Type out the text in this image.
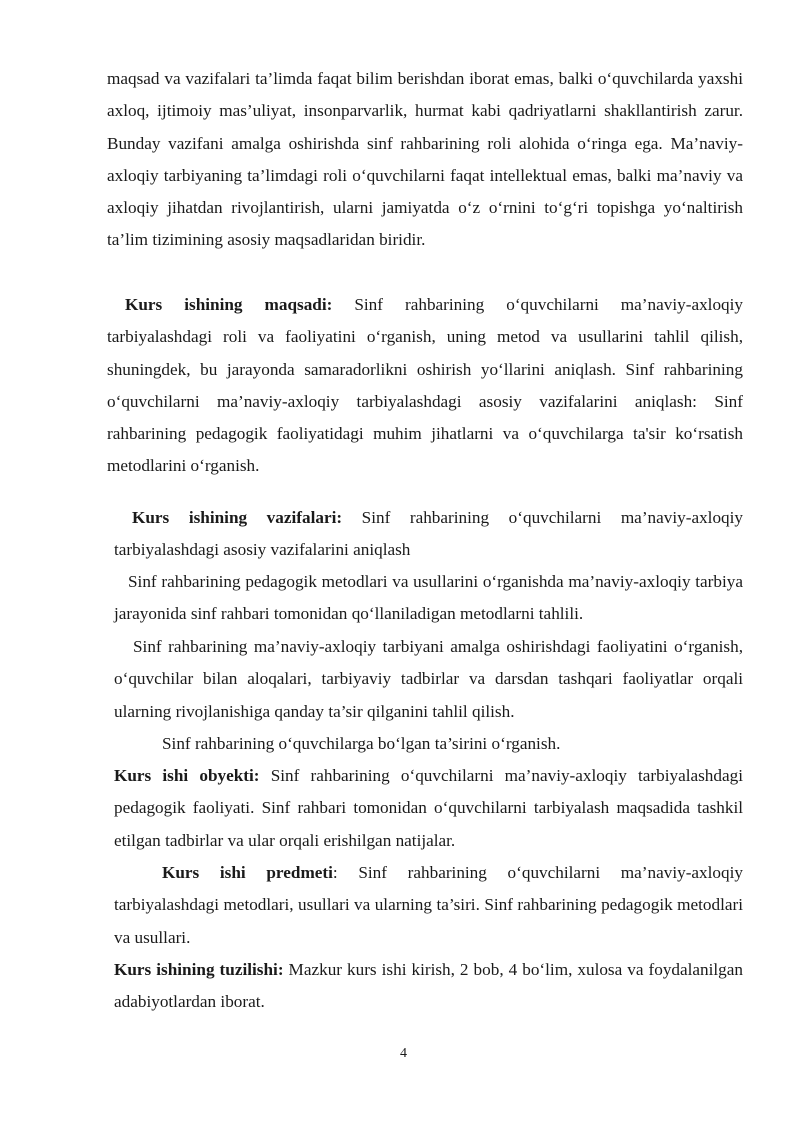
maqsad va vazifalari ta’limda faqat bilim berishdan iborat emas, balki o‘quvchilarda yaxshi axloq, ijtimoiy mas’uliyat, insonparvarlik, hurmat kabi qadriyatlarni shakllantirish zarur. Bunday vazifani amalga oshirishda sinf rahbarining roli alohida o‘ringa ega. Ma’naviy-axloqiy tarbiyaning ta’limdagi roli o‘quvchilarni faqat intellektual emas, balki ma’naviy va axloqiy jihatdan rivojlantirish, ularni jamiyatda o‘z o‘rnini to‘g‘ri topishga yo‘naltirish ta’lim tizimining asosiy maqsadlaridan biridir.

Kurs ishining maqsadi: Sinf rahbarining o‘quvchilarni ma’naviy-axloqiy tarbiyalashdagi roli va faoliyatini o‘rganish, uning metod va usullarini tahlil qilish, shuningdek, bu jarayonda samaradorlikni oshirish yo‘llarini aniqlash. Sinf rahbarining o‘quvchilarni ma’naviy-axloqiy tarbiyalashdagi asosiy vazifalarini aniqlash: Sinf rahbarining pedagogik faoliyatidagi muhim jihatlarni va o‘quvchilarga ta'sir ko‘rsatish metodlarini o‘rganish.

Kurs ishining vazifalari: Sinf rahbarining o‘quvchilarni ma’naviy-axloqiy tarbiyalashdagi asosiy vazifalarini aniqlash

Sinf rahbarining pedagogik metodlari va usullarini o‘rganishda ma’naviy-axloqiy tarbiya jarayonida sinf rahbari tomonidan qo‘llaniladigan metodlarni tahlili.

Sinf rahbarining ma’naviy-axloqiy tarbiyani amalga oshirishdagi faoliyatini o‘rganish, o‘quvchilar bilan aloqalari, tarbiyaviy tadbirlar va darsdan tashqari faoliyatlar orqali ularning rivojlanishiga qanday ta’sir qilganini tahlil qilish.

Sinf rahbarining o‘quvchilarga bo‘lgan ta’sirini o‘rganish.

Kurs ishi obyekti: Sinf rahbarining o‘quvchilarni ma’naviy-axloqiy tarbiyalashdagi pedagogik faoliyati. Sinf rahbari tomonidan o‘quvchilarni tarbiyalash maqsadida tashkil etilgan tadbirlar va ular orqali erishilgan natijalar.

Kurs ishi predmeti: Sinf rahbarining o‘quvchilarni ma’naviy-axloqiy tarbiyalashdagi metodlari, usullari va ularning ta’siri. Sinf rahbarining pedagogik metodlari va usullari.

Kurs ishining tuzilishi: Mazkur kurs ishi kirish, 2 bob, 4 bo‘lim, xulosa va foydalanilgan adabiyotlardan iborat.

4
